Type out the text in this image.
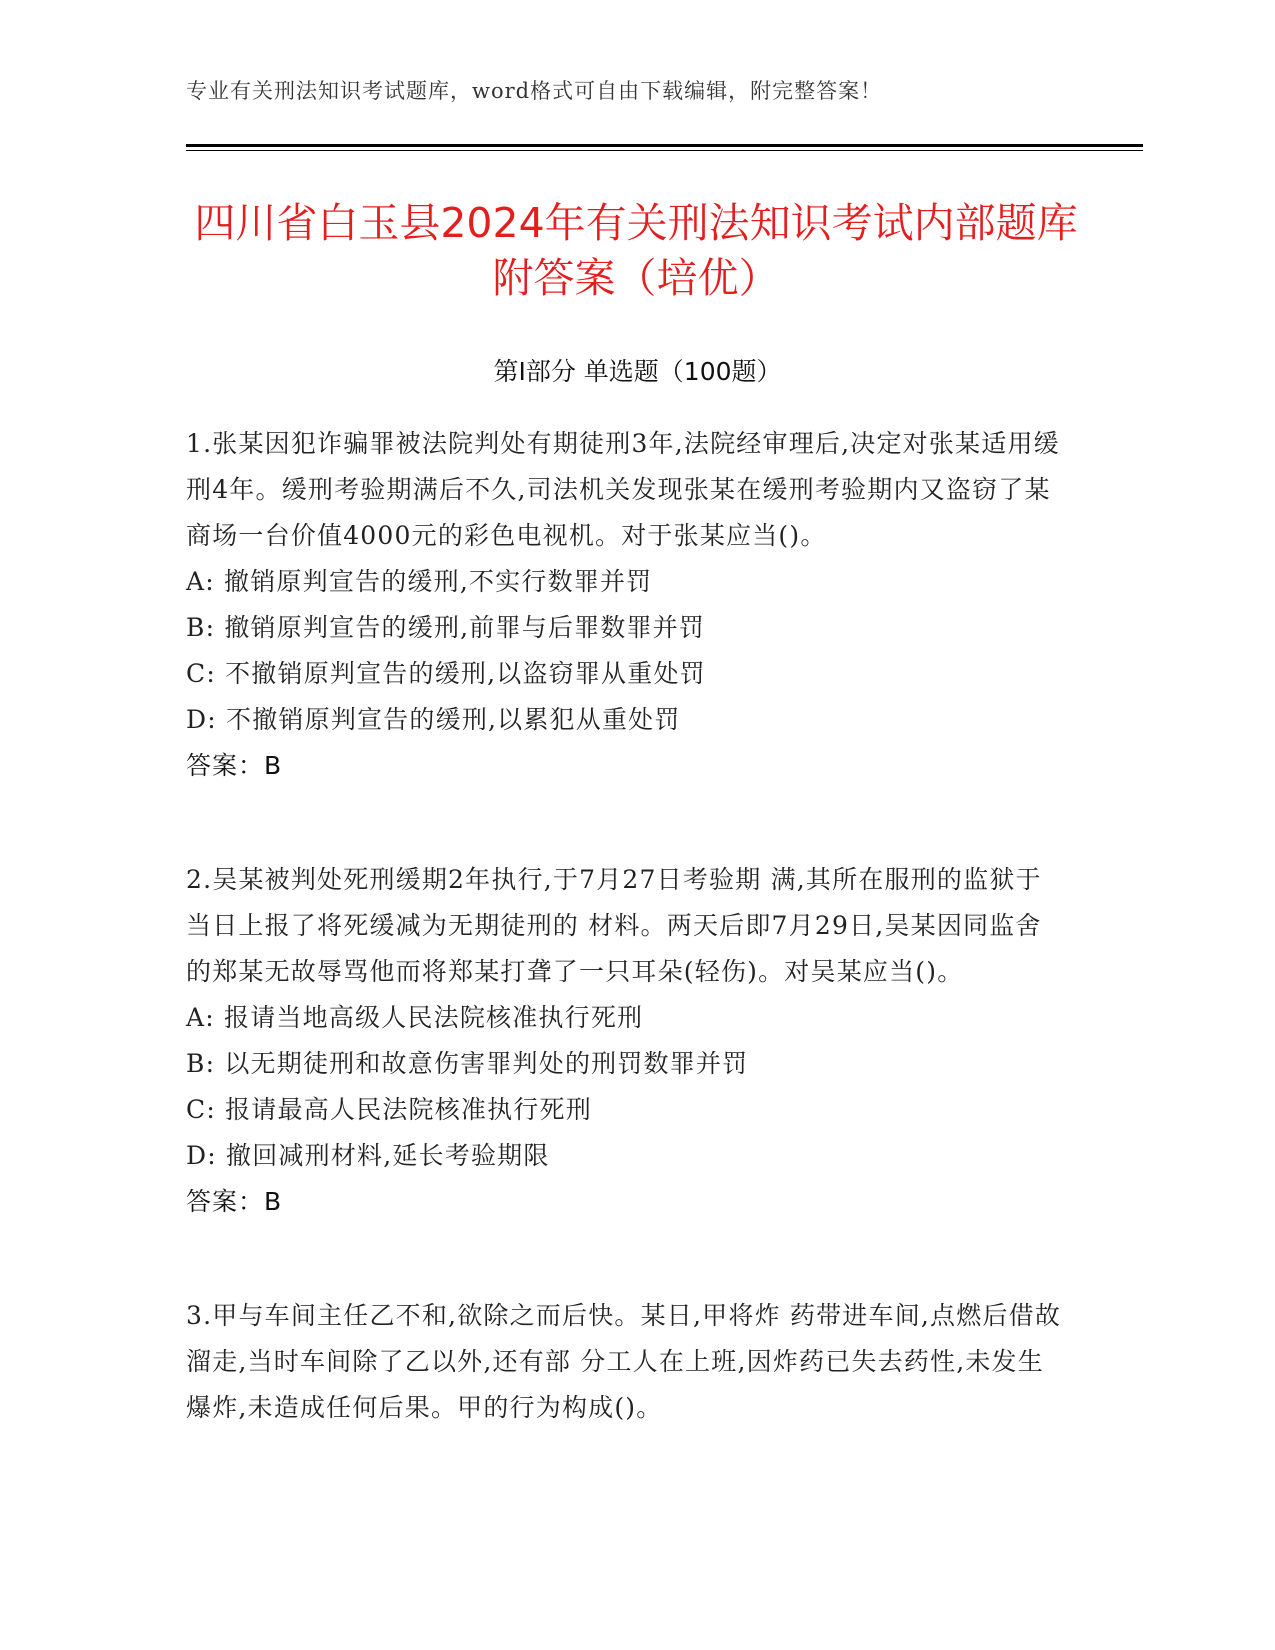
专业有关刑法知识考试题库，word格式可自由下载编辑，附完整答案！
四川省白玉县2024年有关刑法知识考试内部题库附答案（培优）
第I部分 单选题（100题）
1.张某因犯诈骗罪被法院判处有期徒刑3年,法院经审理后,决定对张某适用缓刑4年。缓刑考验期满后不久,司法机关发现张某在缓刑考验期内又盗窃了某商场一台价值4000元的彩色电视机。对于张某应当()。
A: 撤销原判宣告的缓刑,不实行数罪并罚
B: 撤销原判宣告的缓刑,前罪与后罪数罪并罚
C: 不撤销原判宣告的缓刑,以盗窃罪从重处罚
D: 不撤销原判宣告的缓刑,以累犯从重处罚
答案：B
2.吴某被判处死刑缓期2年执行,于7月27日考验期 满,其所在服刑的监狱于当日上报了将死缓减为无期徒刑的 材料。两天后即7月29日,吴某因同监舍的郑某无故辱骂他而将郑某打聋了一只耳朵(轻伤)。对吴某应当()。
A: 报请当地高级人民法院核准执行死刑
B: 以无期徒刑和故意伤害罪判处的刑罚数罪并罚
C: 报请最高人民法院核准执行死刑
D: 撤回减刑材料,延长考验期限
答案：B
3.甲与车间主任乙不和,欲除之而后快。某日,甲将炸 药带进车间,点燃后借故溜走,当时车间除了乙以外,还有部 分工人在上班,因炸药已失去药性,未发生爆炸,未造成任何后果。甲的行为构成()。
